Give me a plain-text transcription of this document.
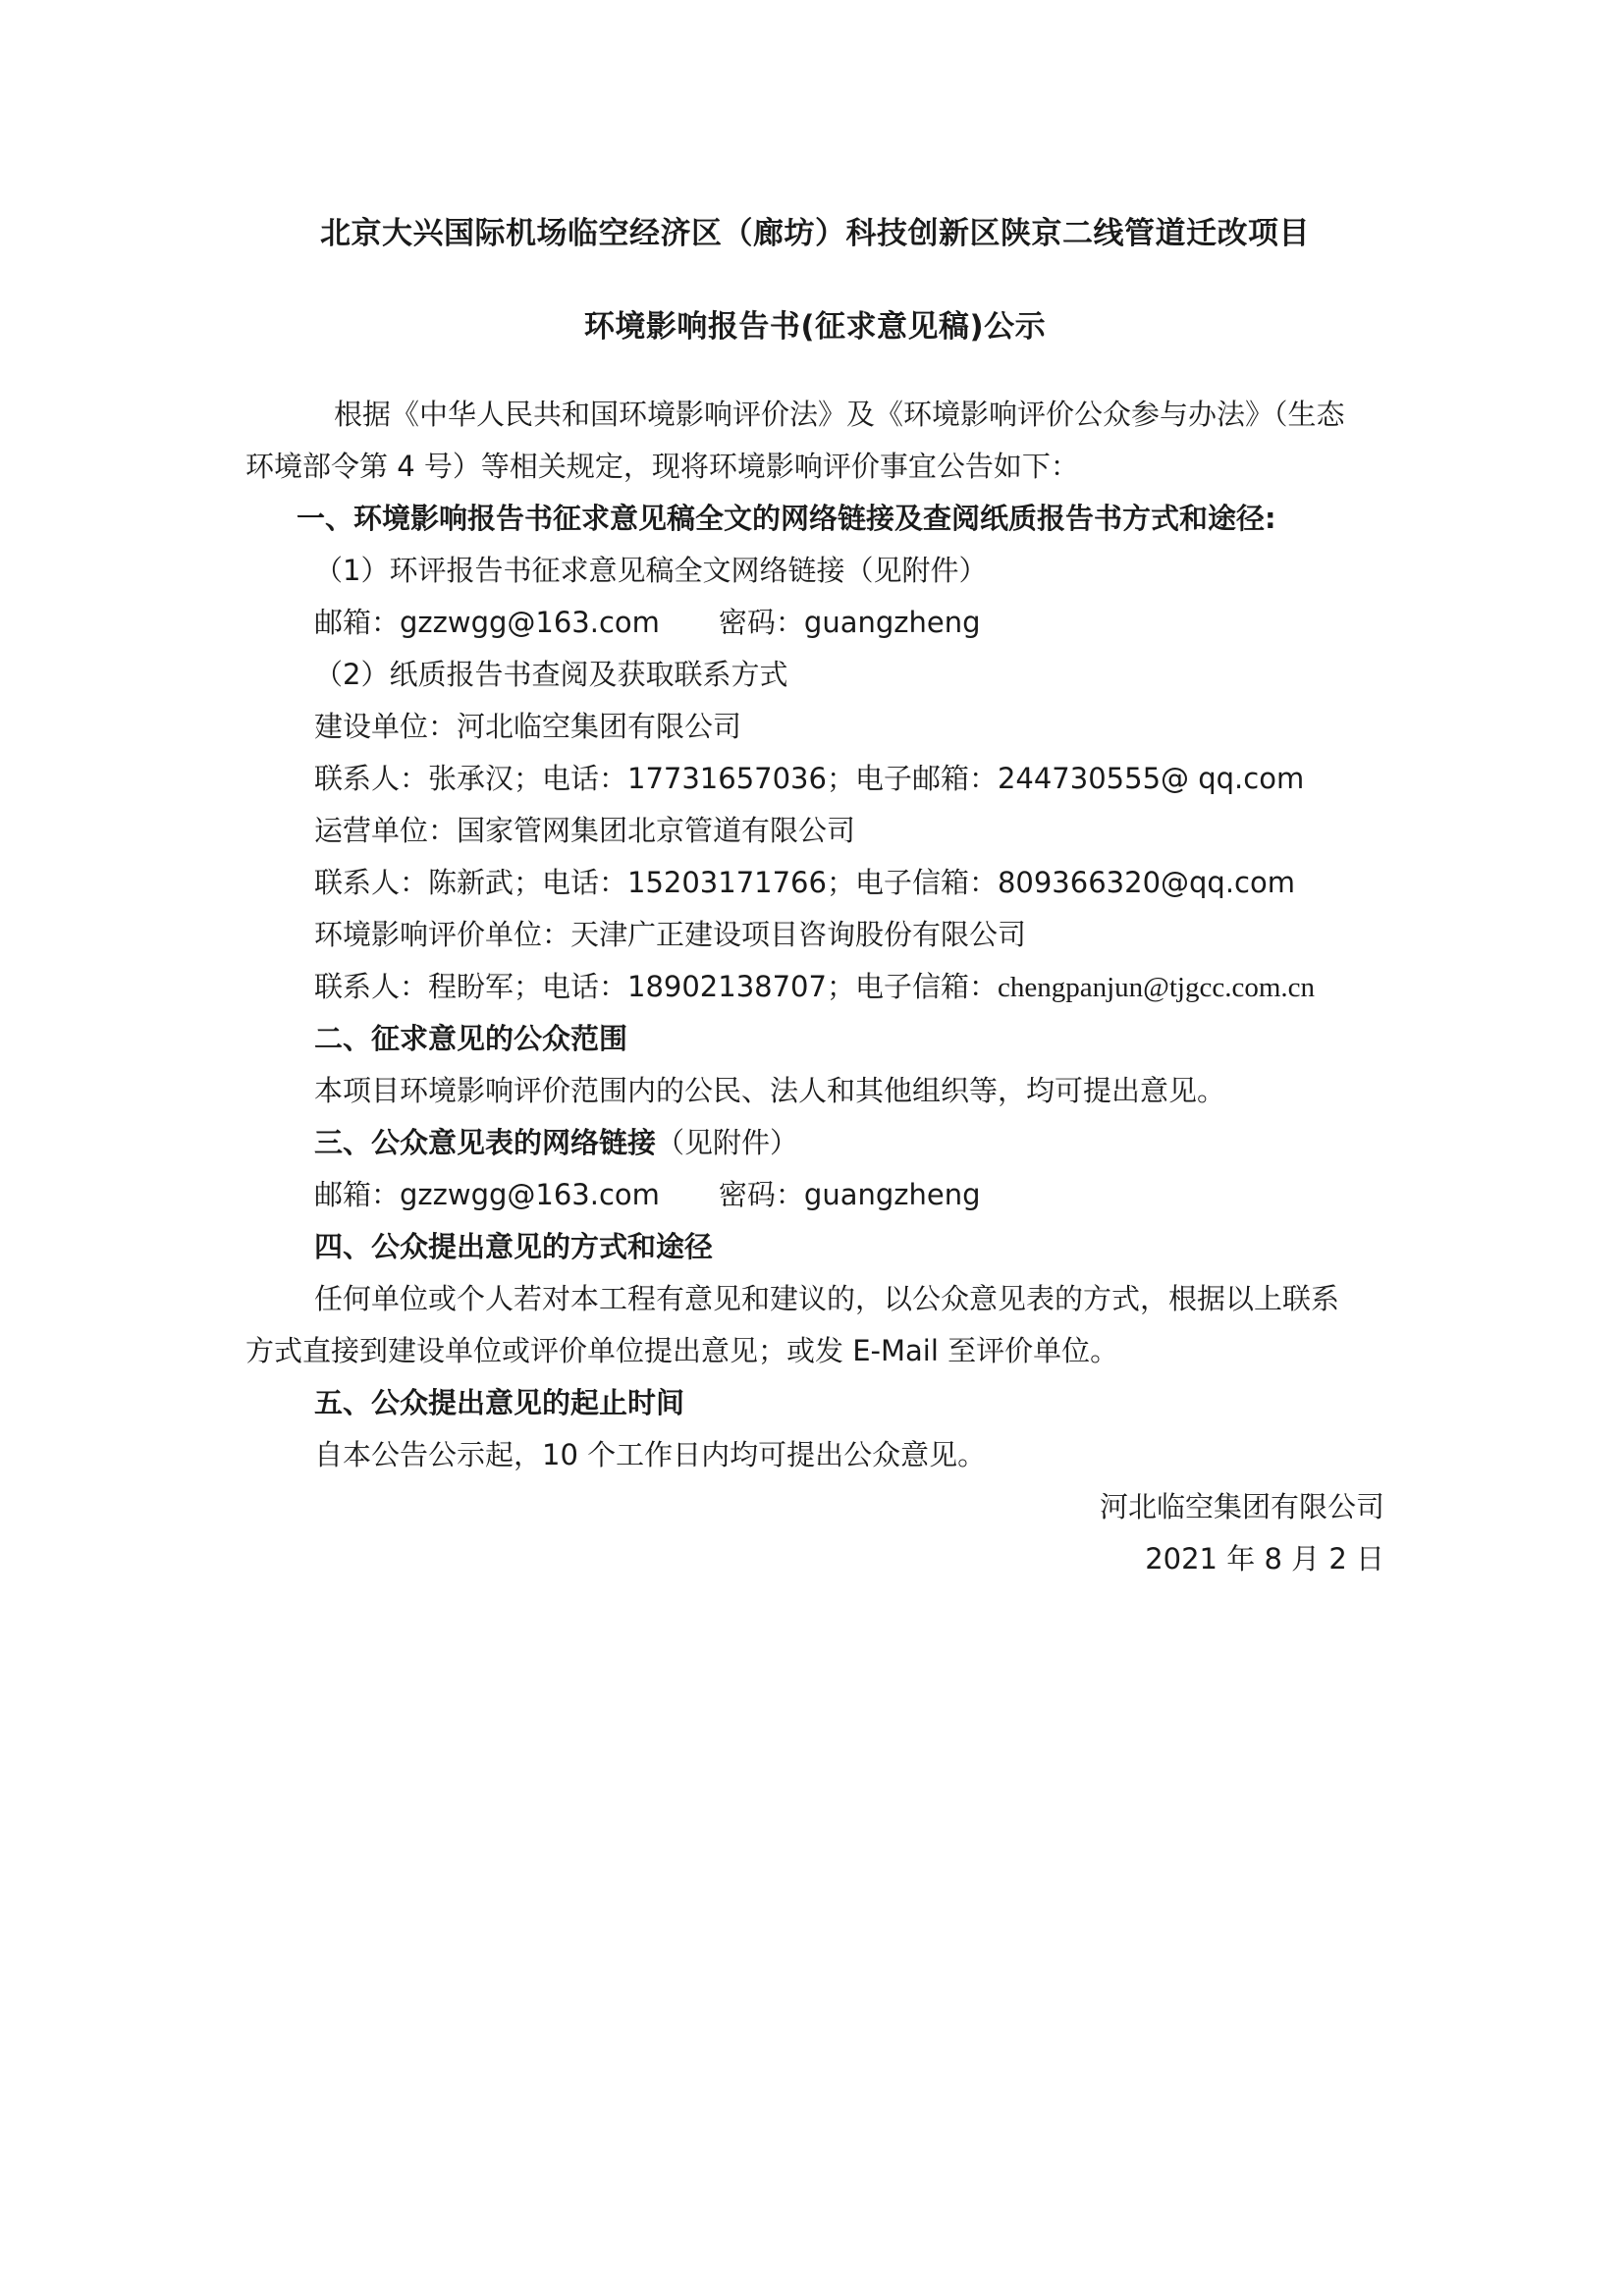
北京大兴国际机场临空经济区（廊坊）科技创新区陕京二线管道迁改项目
环境影响报告书(征求意见稿)公示
根据《中华人民共和国环境影响评价法》及《环境影响评价公众参与办法》（生态
环境部令第 4 号）等相关规定，现将环境影响评价事宜公告如下：
一、环境影响报告书征求意见稿全文的网络链接及查阅纸质报告书方式和途径:
（1）环评报告书征求意见稿全文网络链接（见附件）
邮箱：gzzwgg@163.com 密码：guangzheng
（2）纸质报告书查阅及获取联系方式
建设单位：河北临空集团有限公司
联系人：张承汉；电话：17731657036；电子邮箱：244730555@ qq.com
运营单位：国家管网集团北京管道有限公司
联系人：陈新武；电话：15203171766；电子信箱：809366320@qq.com
环境影响评价单位：天津广正建设项目咨询股份有限公司
联系人：程盼军；电话：18902138707；电子信箱：chengpanjun@tjgcc.com.cn
二、征求意见的公众范围
本项目环境影响评价范围内的公民、法人和其他组织等，均可提出意见。
三、公众意见表的网络链接（见附件）
邮箱：gzzwgg@163.com 密码：guangzheng
四、公众提出意见的方式和途径
任何单位或个人若对本工程有意见和建议的，以公众意见表的方式，根据以上联系
方式直接到建设单位或评价单位提出意见；或发 E-Mail 至评价单位。
五、公众提出意见的起止时间
自本公告公示起，10 个工作日内均可提出公众意见。
河北临空集团有限公司
2021 年 8 月 2 日
